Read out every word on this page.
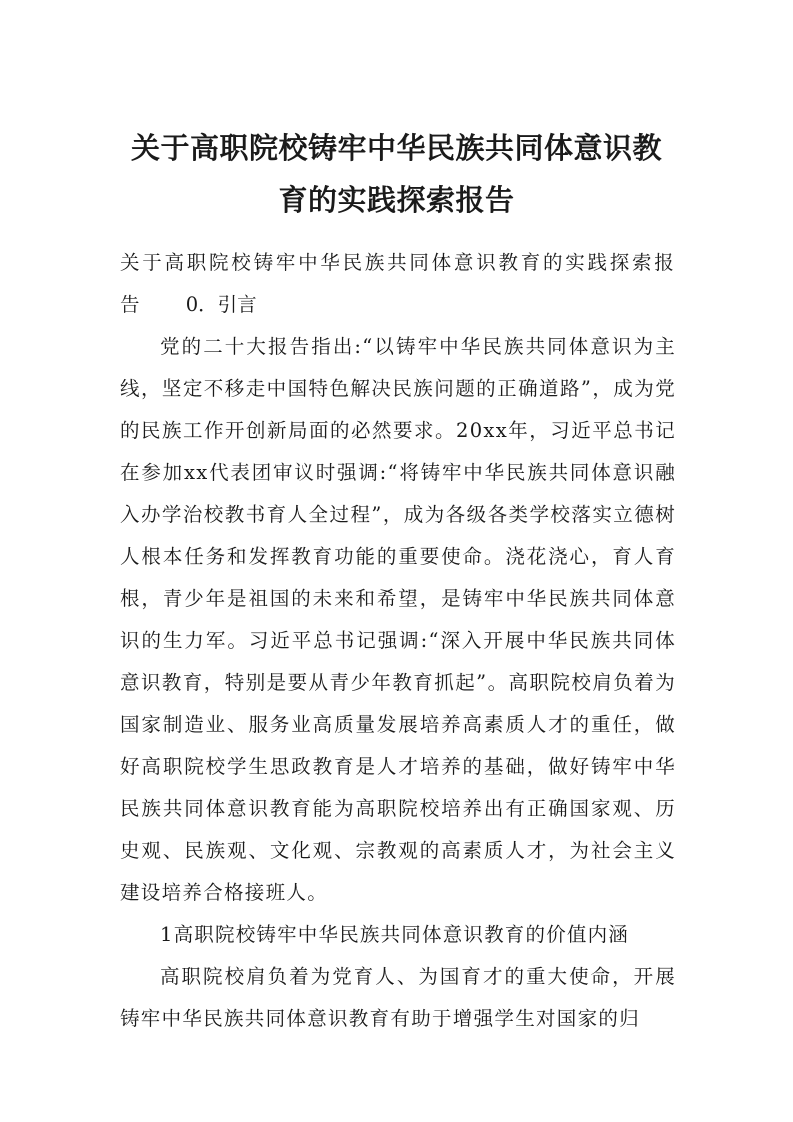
关于高职院校铸牢中华民族共同体意识教
育的实践探索报告

关于高职院校铸牢中华民族共同体意识教育的实践探索报告 0．引言

党的二十大报告指出:“以铸牢中华民族共同体意识为主线，坚定不移走中国特色解决民族问题的正确道路”，成为党的民族工作开创新局面的必然要求。20xx年，习近平总书记在参加xx代表团审议时强调:“将铸牢中华民族共同体意识融入办学治校教书育人全过程”，成为各级各类学校落实立德树人根本任务和发挥教育功能的重要使命。浇花浇心，育人育根，青少年是祖国的未来和希望，是铸牢中华民族共同体意识的生力军。习近平总书记强调:“深入开展中华民族共同体意识教育，特别是要从青少年教育抓起”。高职院校肩负着为国家制造业、服务业高质量发展培养高素质人才的重任，做好高职院校学生思政教育是人才培养的基础，做好铸牢中华民族共同体意识教育能为高职院校培养出有正确国家观、历史观、民族观、文化观、宗教观的高素质人才，为社会主义建设培养合格接班人。

1高职院校铸牢中华民族共同体意识教育的价值内涵

高职院校肩负着为党育人、为国育才的重大使命，开展铸牢中华民族共同体意识教育有助于增强学生对国家的归
